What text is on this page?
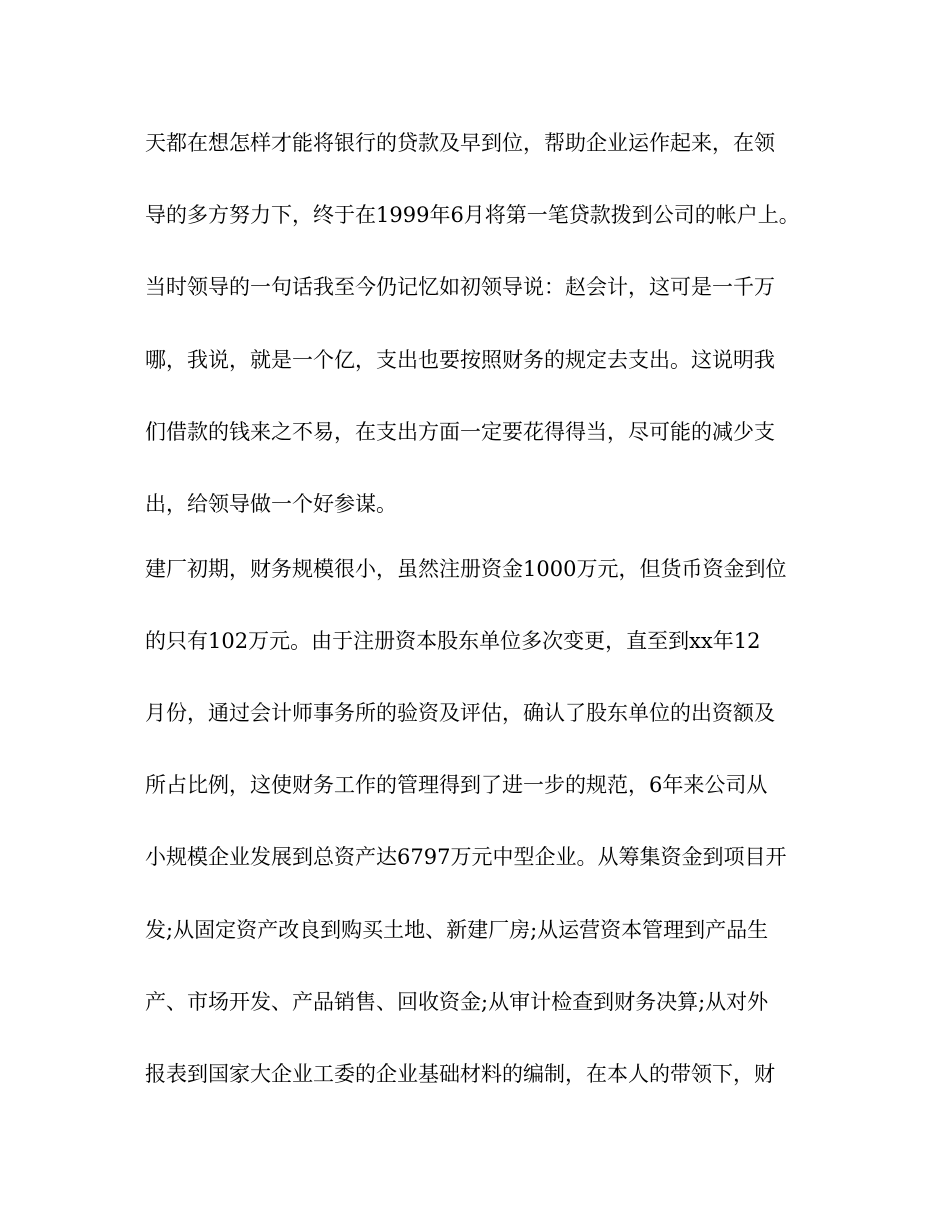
天都在想怎样才能将银行的贷款及早到位，帮助企业运作起来，在领
导的多方努力下，终于在1999年6月将第一笔贷款拨到公司的帐户上。
当时领导的一句话我至今仍记忆如初领导说：赵会计，这可是一千万
哪，我说，就是一个亿，支出也要按照财务的规定去支出。这说明我
们借款的钱来之不易，在支出方面一定要花得得当，尽可能的减少支
出，给领导做一个好参谋。
建厂初期，财务规模很小，虽然注册资金1000万元，但货币资金到位
的只有102万元。由于注册资本股东单位多次变更，直至到xx年12
月份，通过会计师事务所的验资及评估，确认了股东单位的出资额及
所占比例，这使财务工作的管理得到了进一步的规范，6年来公司从
小规模企业发展到总资产达6797万元中型企业。从筹集资金到项目开
发;从固定资产改良到购买土地、新建厂房;从运营资本管理到产品生
产、市场开发、产品销售、回收资金;从审计检查到财务决算;从对外
报表到国家大企业工委的企业基础材料的编制，在本人的带领下，财
